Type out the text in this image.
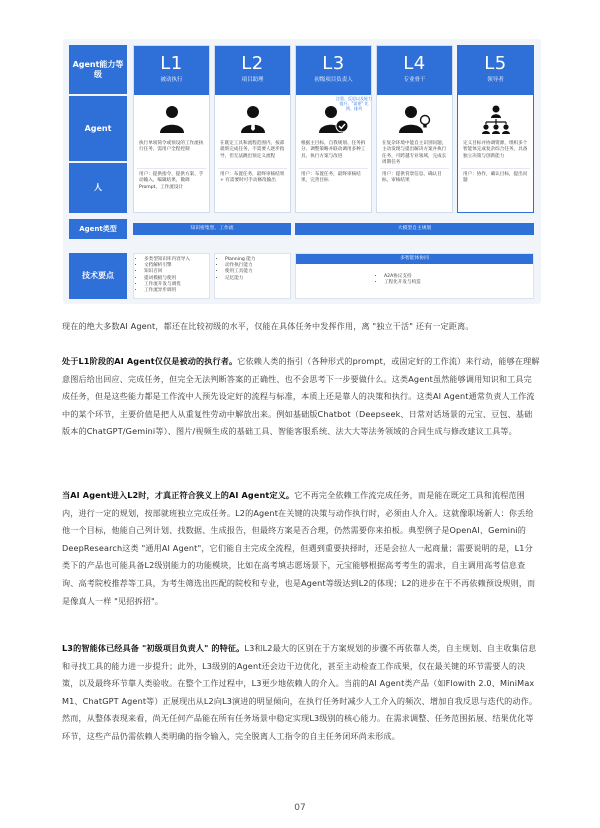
Agent能力等级
Agent
人
Agent类型
技术要点
L1
被动执行
执行单项简令或预设的工作流执行任务，需用户全程控制
用户：提供指令、提供方案、手动输入、编辑结果，微调Prompt、工作流设计
L2
项目助理
在既定工具和流程范围内，按部就班完成任务，不需要人逐步指导，但无法跳出预定义流程
用户：布置任务，最终审核结果 + 有需要时可手动修改输出
L3
初级项目负责人
注重、反思以及能力提升，"需要" 比例、排列
根据主目标，自我规划、任务拆分、调整策略并联动调用多种工具，执行方案与改进
用户：布置任务，最终审核结果，完善目标
L4
专业骨干
在复杂环境中能自主识别问题，主动发现与提出解决方案并执行任务，可跨越专业领域，完成长周期任务
用户：提供背景信息，确认目标，审核结果
L5
领导者
定义目标并协调资源，组织多个智能体完成复杂综合任务，具备独立决策与创新能力
用户：协作，确认目标，提出问题
知识密集型、工作流	大模型自主规划
• 多类型知识库内容导入
• 文档解析引擎
• 知识召回
• 提词模板与使用
• 工作流开发与调优
• 工作流异步调用
• Planning 能力
• 动作执行能力
• 使用工具能力
• 记忆能力
多智能体协同
• A2A协议支持
• 工程化开发与构造

现在的绝大多数AI Agent，都还在比较初级的水平，仅能在具体任务中发挥作用，离 "独立干活" 还有一定距离。

处于L1阶段的AI Agent仅仅是被动的执行者。它依赖人类的指引（各种形式的prompt，或固定好的工作流）来行动，能够在理解意图后给出回应、完成任务，但完全无法判断答案的正确性、也不会思考下一步要做什么。这类Agent虽然能够调用知识和工具完成任务，但是这些能力都是工作流中人预先设定好的流程与标准，本质上还是靠人的决策和执行。这类AI Agent通常负责人工作流中的某个环节，主要价值是把人从重复性劳动中解放出来。例如基础版Chatbot（Deepseek、日常对话场景的元宝、豆包、基础版本的ChatGPT/Gemini等）、图片/视频生成的基础工具、智能客服系统、法大大等法务领域的合同生成与修改建议工具等。

当AI Agent进入L2时，才真正符合狭义上的AI Agent定义。它不再完全依赖工作流完成任务，而是能在既定工具和流程范围内，进行一定的规划，按部就班独立完成任务。L2的Agent在关键的决策与动作执行时，必须由人介入。这就像职场新人：你丢给他一个目标，他能自己列计划、找数据、生成报告，但最终方案是否合理，仍然需要你来拍板。典型例子是OpenAI、Gemini的DeepResearch这类 "通用AI Agent"，它们能自主完成全流程，但遇到重要抉择时，还是会拉人一起商量；需要说明的是，L1分类下的产品也可能具备L2级别能力的功能模块，比如在高考填志愿场景下，元宝能够根据高考考生的需求，自主调用高考信息查询、高考院校推荐等工具，为考生筛选出匹配的院校和专业，也是Agent等级达到L2的体现；L2的进步在于不再依赖预设规则，而是像真人一样 "见招拆招"。

L3的智能体已经具备 "初级项目负责人" 的特征。L3和L2最大的区别在于方案规划的步骤不再依靠人类，自主规划、自主收集信息和寻找工具的能力进一步提升；此外，L3级别的Agent还会边干边优化，甚至主动检查工作成果，仅在最关键的环节需要人的决策，以及最终环节靠人类验收。在整个工作过程中，L3更少地依赖人的介入。当前的AI Agent类产品（如Flowith 2.0、MiniMax M1、ChatGPT Agent等）正展现出从L2向L3演进的明显倾向，在执行任务时减少人工介入的频次、增加自我反思与迭代的动作。然而，从整体表现来看，尚无任何产品能在所有任务场景中稳定实现L3级别的核心能力。在需求调整、任务范围拓展、结果优化等环节，这些产品仍需依赖人类明确的指令输入，完全脱离人工指令的自主任务闭环尚未形成。

07
